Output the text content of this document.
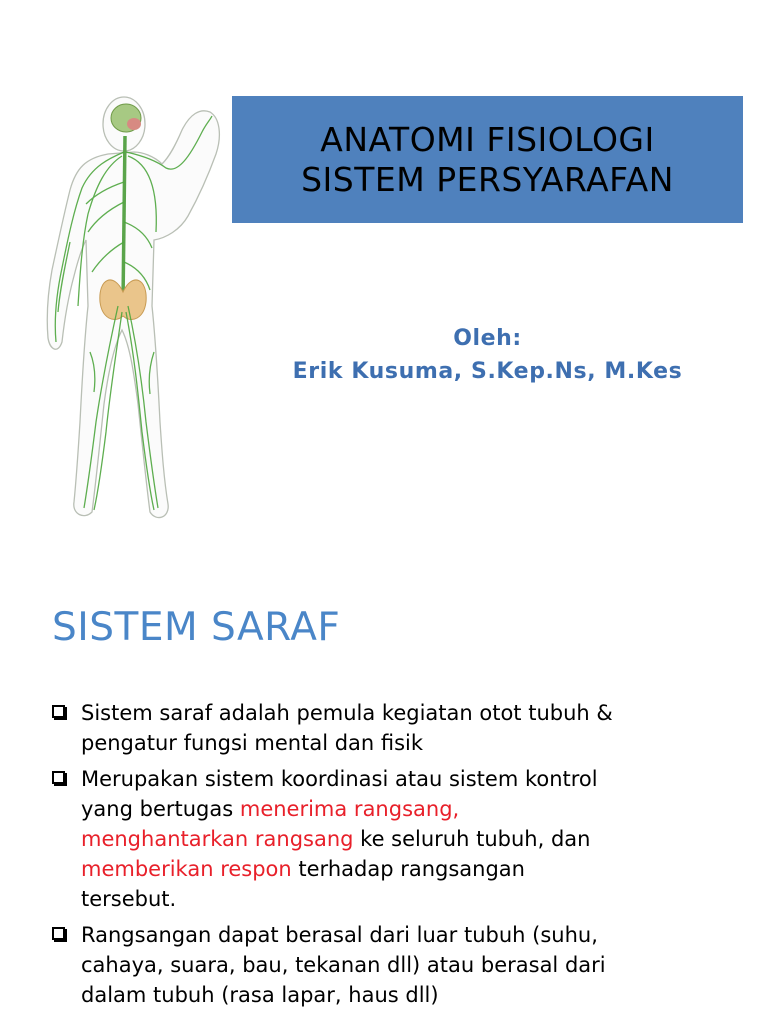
ANATOMI FISIOLOGI
SISTEM PERSYARAFAN
Oleh:
Erik Kusuma, S.Kep.Ns, M.Kes
SISTEM SARAF
Sistem saraf adalah pemula kegiatan otot tubuh &
pengatur fungsi mental dan fisik
Merupakan sistem koordinasi atau sistem kontrol
yang bertugas menerima rangsang,
menghantarkan rangsang ke seluruh tubuh, dan
memberikan respon terhadap rangsangan
tersebut.
Rangsangan dapat berasal dari luar tubuh (suhu,
cahaya, suara, bau, tekanan dll) atau berasal dari
dalam tubuh (rasa lapar, haus dll)
